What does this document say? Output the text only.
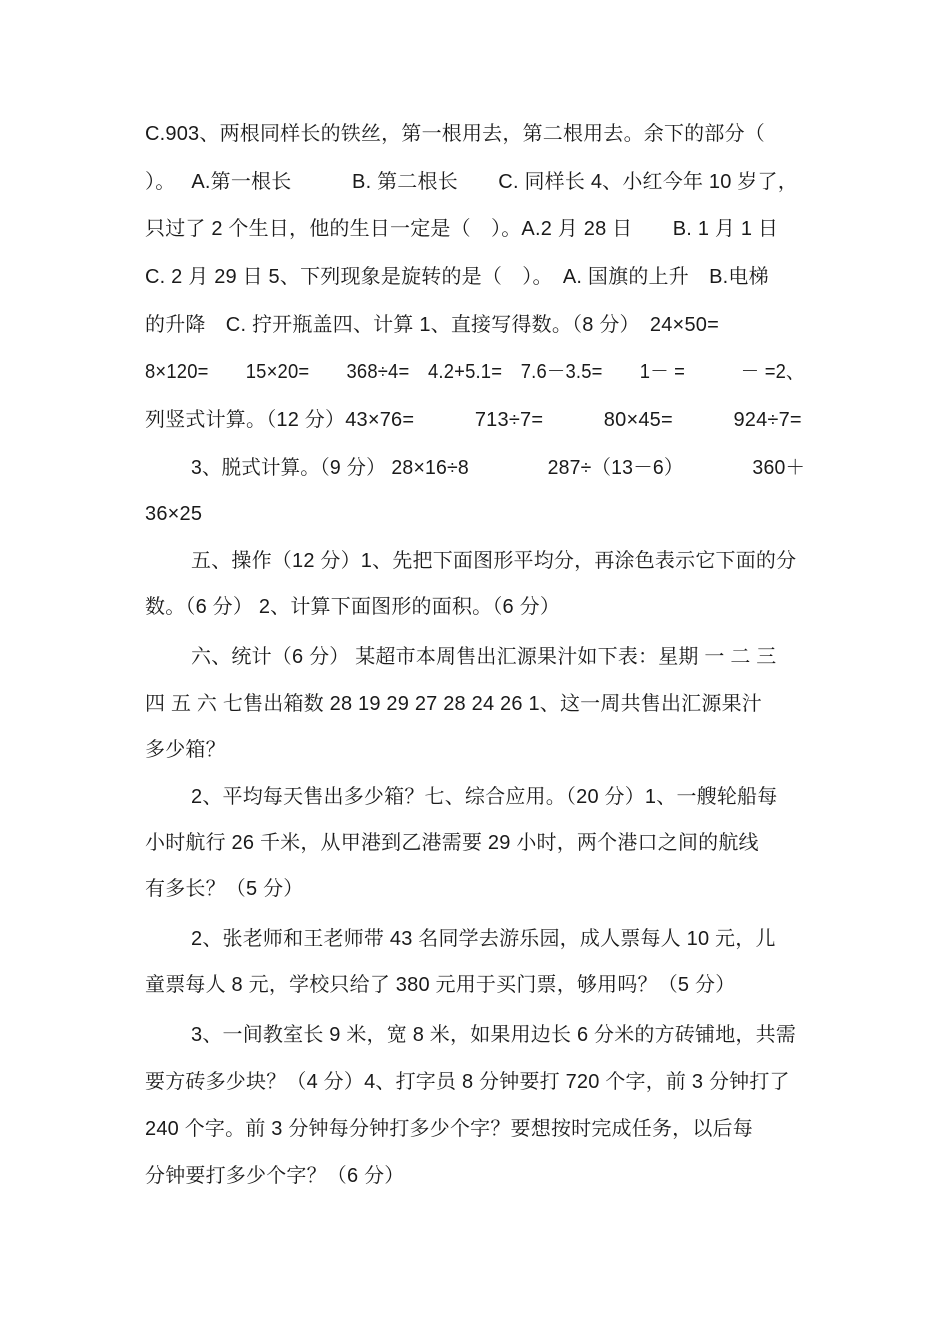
C.903、两根同样长的铁丝，第一根用去，第二根用去。余下的部分（
）。　 A.第一根长　　　B. 第二根长　　C. 同样长 4、小红今年 10 岁了，
只过了 2 个生日，他的生日一定是（　）。A.2 月 28 日　　B. 1 月 1 日
C. 2 月 29 日 5、下列现象是旋转的是（　）。　A. 国旗的上升　B.电梯
的升降　C. 拧开瓶盖四、计算 1、直接写得数。（8 分）　24×50=
8×120=　　15×20=　　368÷4=　4.2+5.1=　7.6－3.5=　　1－ =　　　－ =2、
列竖式计算。（12 分）43×76=　　　713÷7=　　　80×45=　　　924÷7=
3、脱式计算。（9 分） 28×16÷8　　　　287÷（13－6）　　　　360＋
36×25
五、操作（12 分）1、先把下面图形平均分，再涂色表示它下面的分
数。（6 分） 2、计算下面图形的面积。（6 分）
六、统计（6 分） 某超市本周售出汇源果汁如下表：星期 一 二 三
四 五 六 七售出箱数 28 19 29 27 28 24 26 1、这一周共售出汇源果汁
多少箱？
2、平均每天售出多少箱？七、综合应用。（20 分）1、一艘轮船每
小时航行 26 千米，从甲港到乙港需要 29 小时，两个港口之间的航线
有多长？（5 分）
2、张老师和王老师带 43 名同学去游乐园，成人票每人 10 元，儿
童票每人 8 元，学校只给了 380 元用于买门票，够用吗？（5 分）
3、一间教室长 9 米，宽 8 米，如果用边长 6 分米的方砖铺地，共需
要方砖多少块？（4 分）4、打字员 8 分钟要打 720 个字，前 3 分钟打了
240 个字。前 3 分钟每分钟打多少个字？要想按时完成任务，以后每
分钟要打多少个字？（6 分）
